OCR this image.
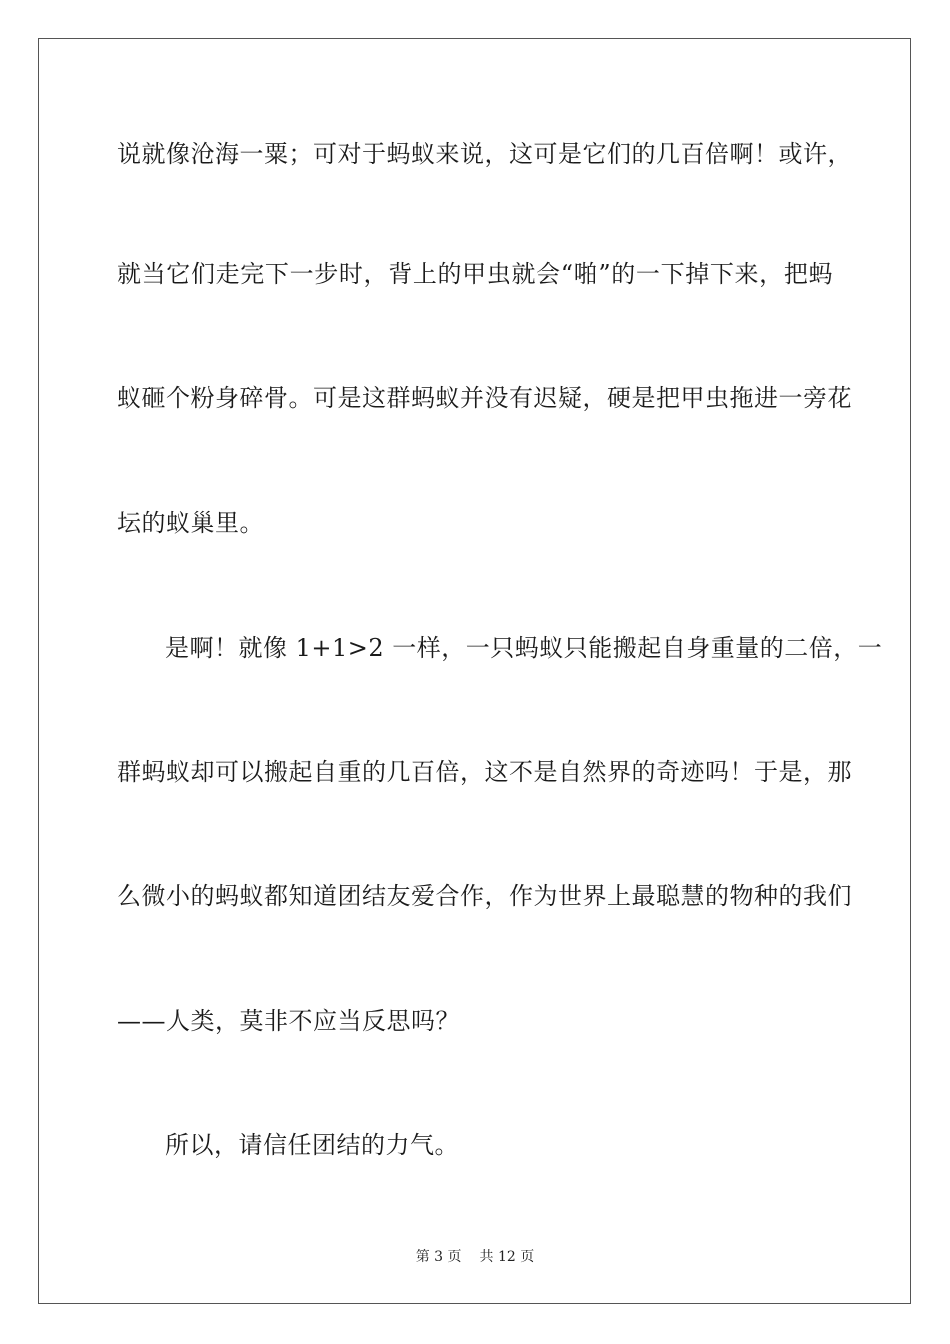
说就像沧海一粟；可对于蚂蚁来说，这可是它们的几百倍啊！或许，
就当它们走完下一步时，背上的甲虫就会“啪”的一下掉下来，把蚂
蚁砸个粉身碎骨。可是这群蚂蚁并没有迟疑，硬是把甲虫拖进一旁花
坛的蚁巢里。
是啊！就像 1+1>2 一样，一只蚂蚁只能搬起自身重量的二倍，一
群蚂蚁却可以搬起自重的几百倍，这不是自然界的奇迹吗！于是，那
么微小的蚂蚁都知道团结友爱合作，作为世界上最聪慧的物种的我们
——人类，莫非不应当反思吗？
所以，请信任团结的力气。
第 3 页 共 12 页
